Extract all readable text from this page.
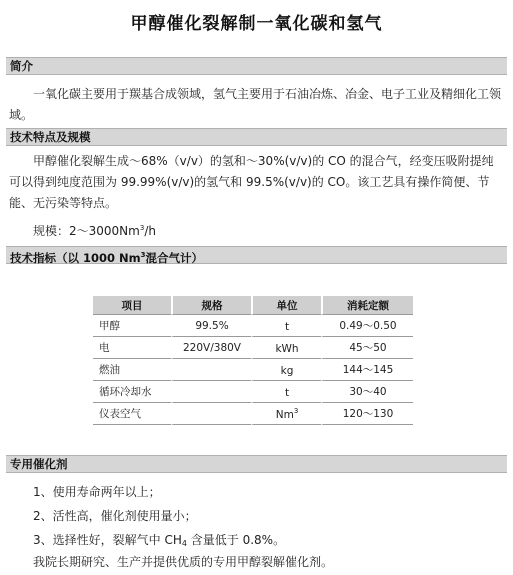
甲醇催化裂解制一氧化碳和氢气
简介
一氧化碳主要用于羰基合成领域，氢气主要用于石油冶炼、冶金、电子工业及精细化工领域。
技术特点及规模
甲醇催化裂解生成～68%（v/v）的氢和～30%(v/v)的 CO 的混合气，经变压吸附提纯可以得到纯度范围为 99.99%(v/v)的氢气和 99.5%(v/v)的 CO。该工艺具有操作简便、节能、无污染等特点。
规模：2～3000Nm$^3$/h
技术指标（以 1000 Nm$^3$混合气计）
项目	规格	单位	消耗定额
甲醇	99.5%	t	0.49～0.50
电	220V/380V	kWh	45～50
燃油		kg	144～145
循环冷却水		t	30～40
仪表空气		Nm$^3$	120～130
专用催化剂
1、使用寿命两年以上；
2、活性高，催化剂使用量小；
3、选择性好，裂解气中 $CH_4$ 含量低于 0.8%。
我院长期研究、生产并提供优质的专用甲醇裂解催化剂。
